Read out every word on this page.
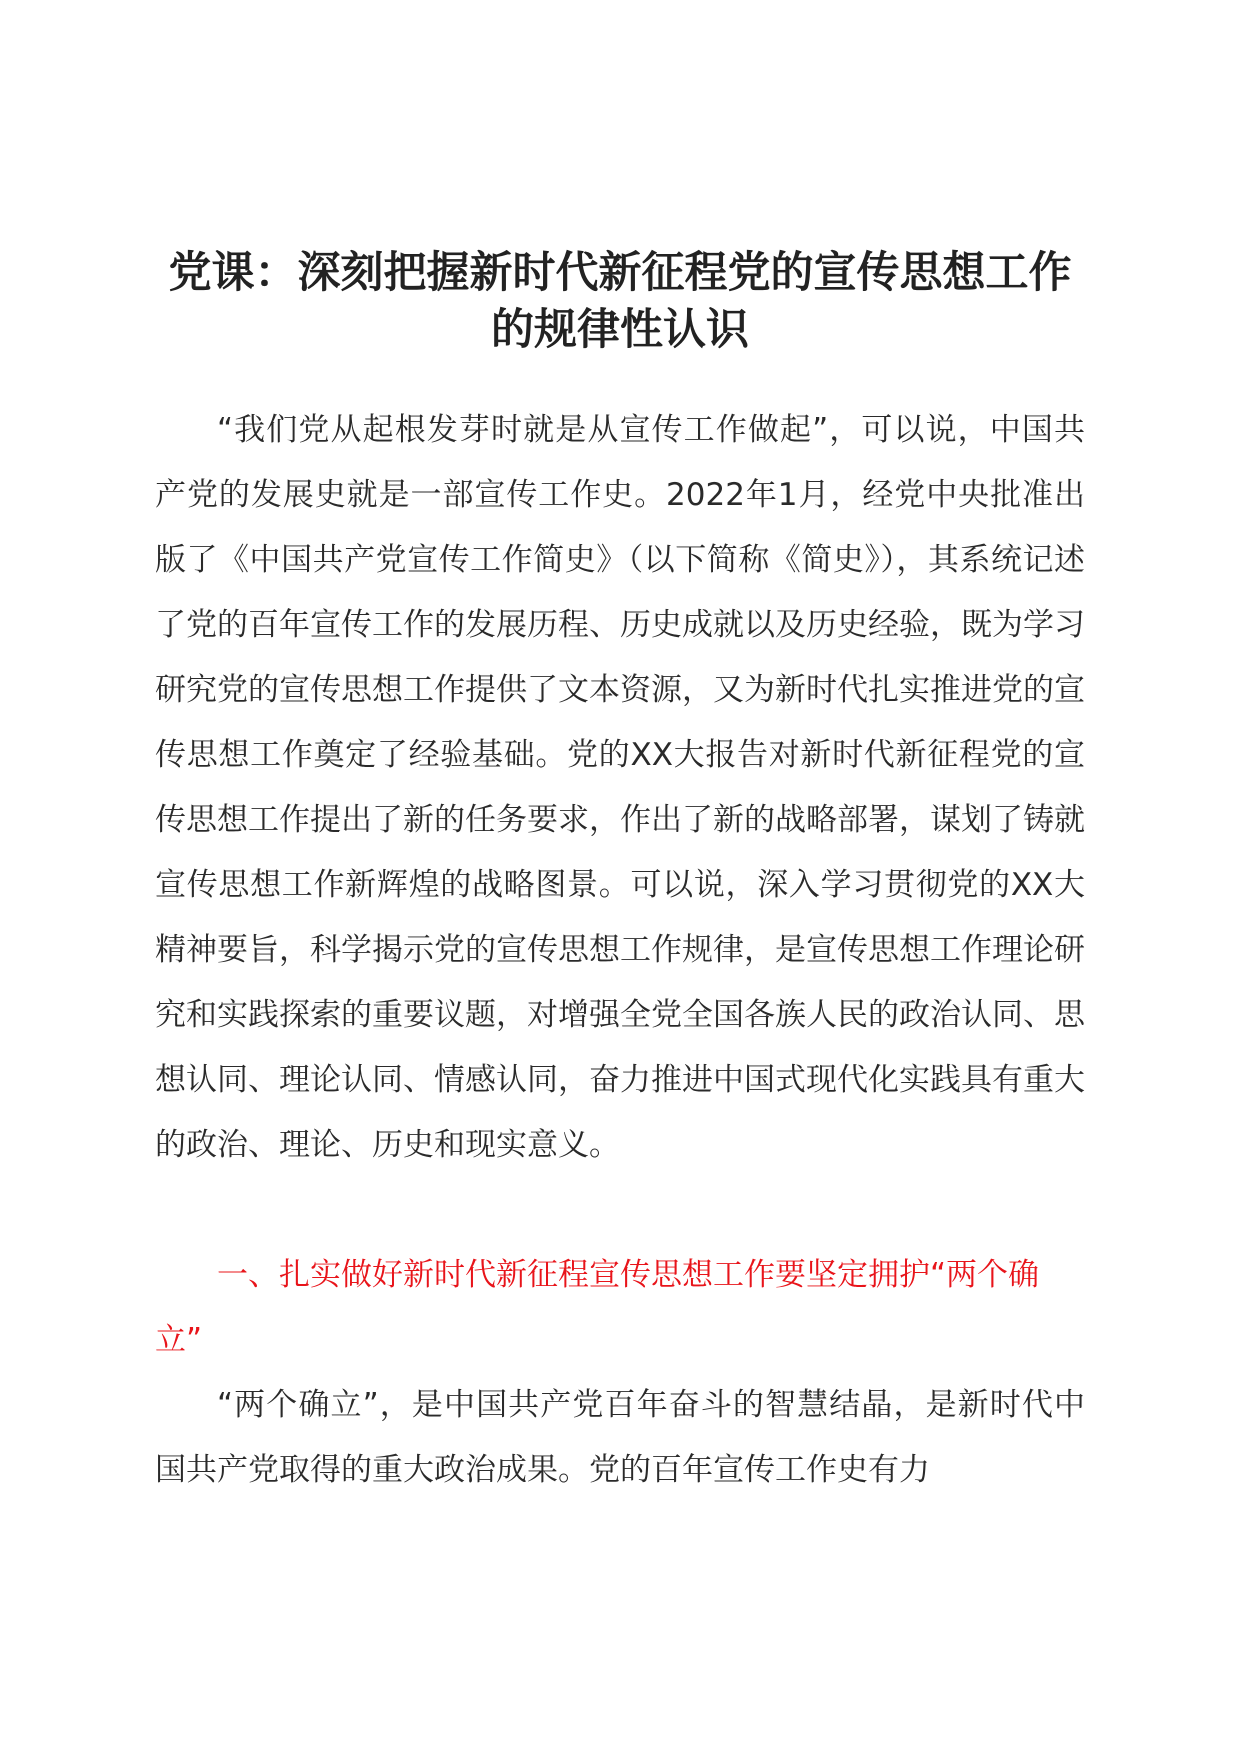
党课：深刻把握新时代新征程党的宣传思想工作的规律性认识

“我们党从起根发芽时就是从宣传工作做起”，可以说，中国共产党的发展史就是一部宣传工作史。2022年1月，经党中央批准出版了《中国共产党宣传工作简史》（以下简称《简史》），其系统记述了党的百年宣传工作的发展历程、历史成就以及历史经验，既为学习研究党的宣传思想工作提供了文本资源，又为新时代扎实推进党的宣传思想工作奠定了经验基础。党的XX大报告对新时代新征程党的宣传思想工作提出了新的任务要求，作出了新的战略部署，谋划了铸就宣传思想工作新辉煌的战略图景。可以说，深入学习贯彻党的XX大精神要旨，科学揭示党的宣传思想工作规律，是宣传思想工作理论研究和实践探索的重要议题，对增强全党全国各族人民的政治认同、思想认同、理论认同、情感认同，奋力推进中国式现代化实践具有重大的政治、理论、历史和现实意义。

一、扎实做好新时代新征程宣传思想工作要坚定拥护“两个确立”

“两个确立”，是中国共产党百年奋斗的智慧结晶，是新时代中国共产党取得的重大政治成果。党的百年宣传工作史有力
